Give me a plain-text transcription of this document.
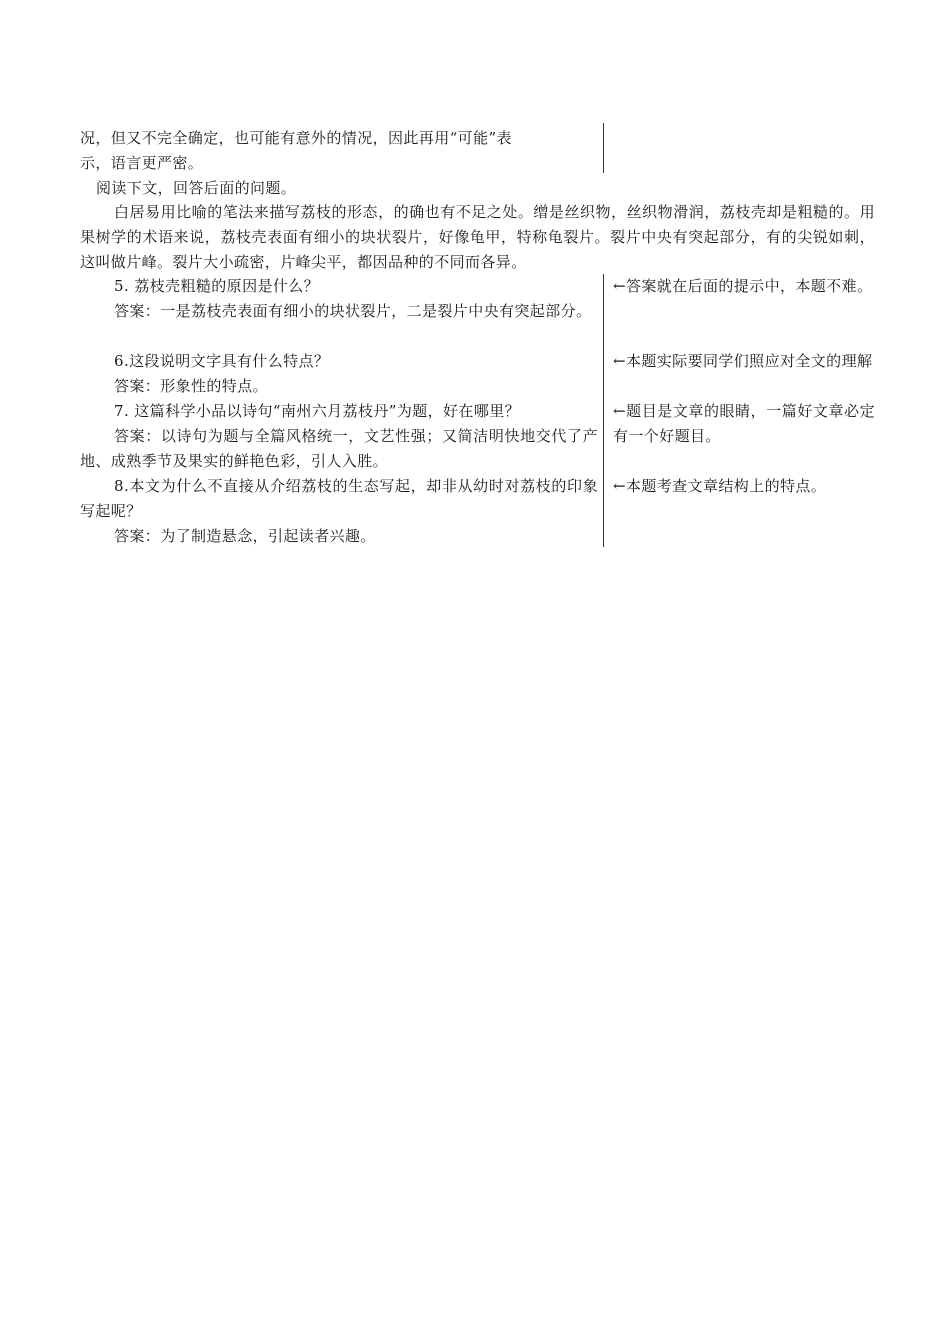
况，但又不完全确定，也可能有意外的情况，因此再用“可能”表
示，语言更严密。
阅读下文，回答后面的问题。
白居易用比喻的笔法来描写荔枝的形态，的确也有不足之处。缯是丝织物，丝织物滑润，荔枝壳却是粗糙的。用果树学的术语来说，荔枝壳表面有细小的块状裂片，好像龟甲，特称龟裂片。裂片中央有突起部分，有的尖锐如刺，这叫做片峰。裂片大小疏密，片峰尖平，都因品种的不同而各异。
5. 荔枝壳粗糙的原因是什么？
答案：一是荔枝壳表面有细小的块状裂片，二是裂片中央有突起部分。
←答案就在后面的提示中，本题不难。
6.这段说明文字具有什么特点？
答案：形象性的特点。
←本题实际要同学们照应对全文的理解
7. 这篇科学小品以诗句“南州六月荔枝丹”为题，好在哪里？
答案：以诗句为题与全篇风格统一，文艺性强；又简洁明快地交代了产地、成熟季节及果实的鲜艳色彩，引人入胜。
←题目是文章的眼睛，一篇好文章必定有一个好题目。
8.本文为什么不直接从介绍荔枝的生态写起，却非从幼时对荔枝的印象写起呢？
答案：为了制造悬念，引起读者兴趣。
←本题考查文章结构上的特点。
